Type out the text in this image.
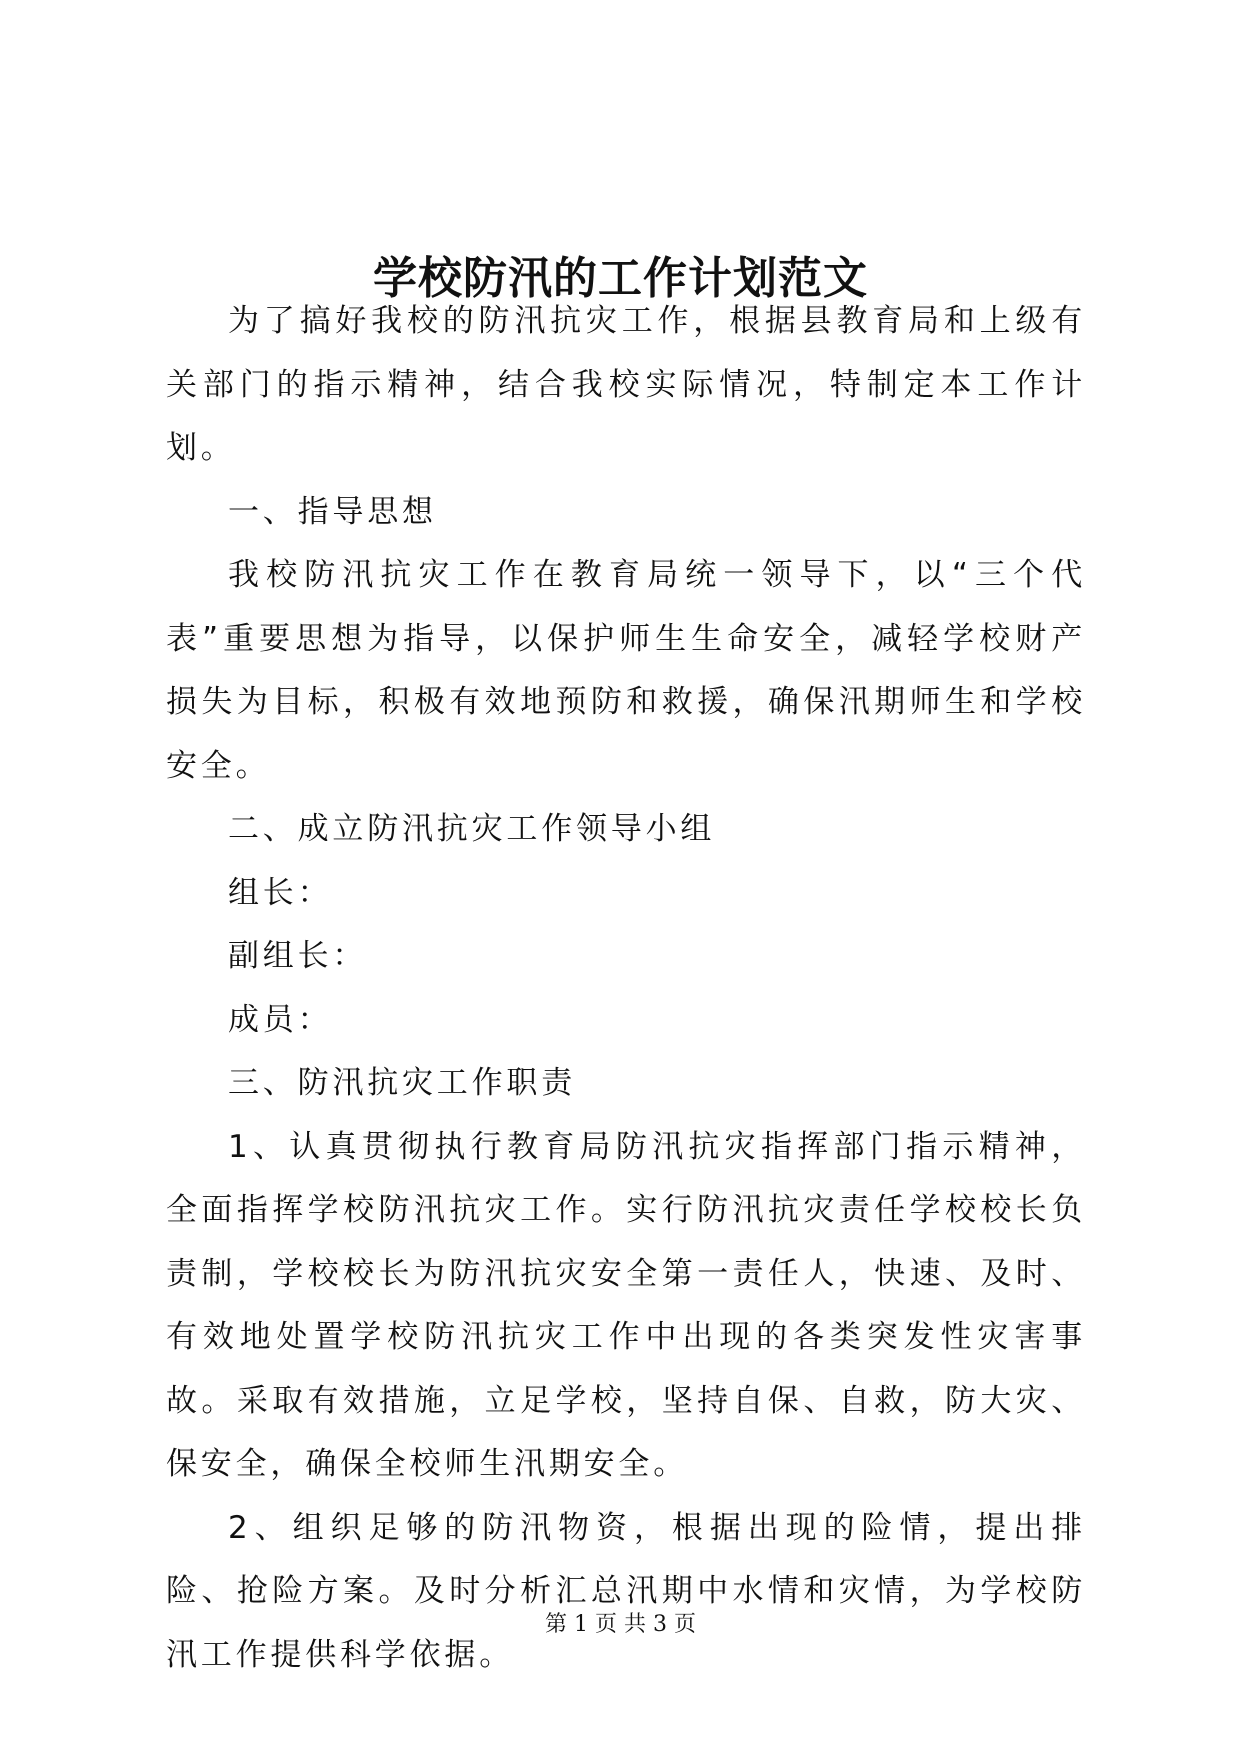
学校防汛的工作计划范文

为了搞好我校的防汛抗灾工作，根据县教育局和上级有关部门的指示精神，结合我校实际情况，特制定本工作计划。

一、指导思想

我校防汛抗灾工作在教育局统一领导下，以“三个代表”重要思想为指导，以保护师生生命安全，减轻学校财产损失为目标，积极有效地预防和救援，确保汛期师生和学校安全。

二、成立防汛抗灾工作领导小组

组长：

副组长：

成员：

三、防汛抗灾工作职责

1、认真贯彻执行教育局防汛抗灾指挥部门指示精神，全面指挥学校防汛抗灾工作。实行防汛抗灾责任学校校长负责制，学校校长为防汛抗灾安全第一责任人，快速、及时、有效地处置学校防汛抗灾工作中出现的各类突发性灾害事故。采取有效措施，立足学校，坚持自保、自救，防大灾、保安全，确保全校师生汛期安全。

2、组织足够的防汛物资，根据出现的险情，提出排险、抢险方案。及时分析汇总汛期中水情和灾情，为学校防汛工作提供科学依据。

第 1 页 共 3 页
